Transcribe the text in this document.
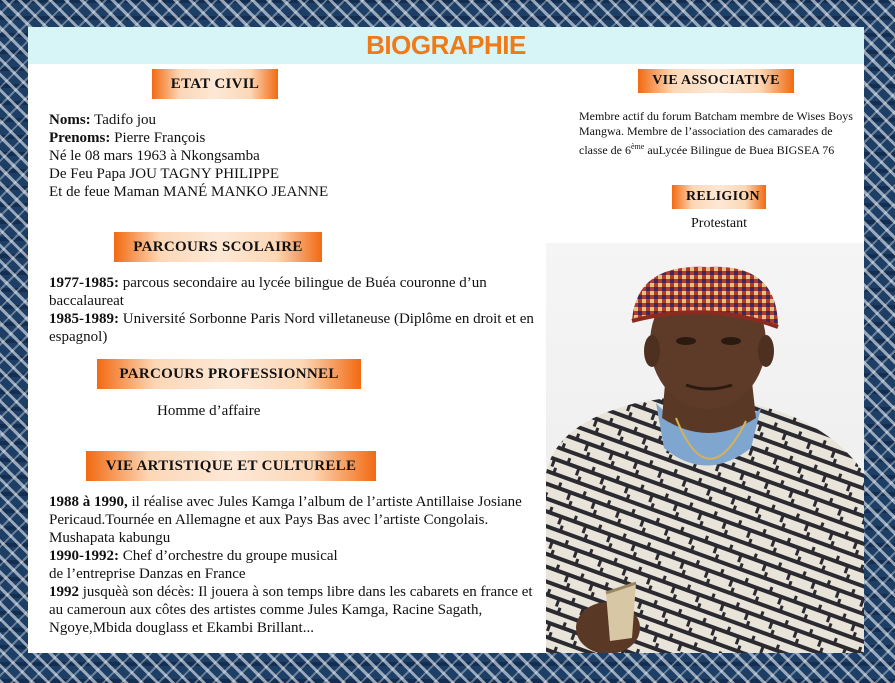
BIOGRAPHIE
ETAT CIVIL
Noms: Tadifo jou
Prenoms: Pierre François
Né le 08 mars 1963 à Nkongsamba
De Feu Papa JOU TAGNY PHILIPPE
Et de feue Maman MANÉ MANKO JEANNE
PARCOURS SCOLAIRE
1977-1985: parcous secondaire au lycée bilingue de Buéa couronne d’un baccalaureat
1985-1989: Université Sorbonne Paris Nord villetaneuse (Diplôme en droit et en espagnol)
PARCOURS PROFESSIONNEL
Homme d’affaire
VIE ARTISTIQUE ET CULTURELE
1988 à 1990, il réalise avec Jules Kamga l’album de l’artiste Antillaise Josiane Pericaud.Tournée en Allemagne et aux Pays Bas avec l’artiste Congolais. Mushapata kabungu
1990-1992: Chef d’orchestre du groupe musical
de l’entreprise Danzas en France
1992 jusquèà son décès: Il jouera à son temps libre dans les cabarets en france et au cameroun aux côtes des artistes comme Jules Kamga, Racine Sagath, Ngoye,Mbida douglass et Ekambi Brillant...
VIE ASSOCIATIVE
Membre actif du forum Batcham membre de Wises Boys Mangwa. Membre de l’association des camarades de classe de 6ème auLycée Bilingue de Buea BIGSEA 76
RELIGION
Protestant
